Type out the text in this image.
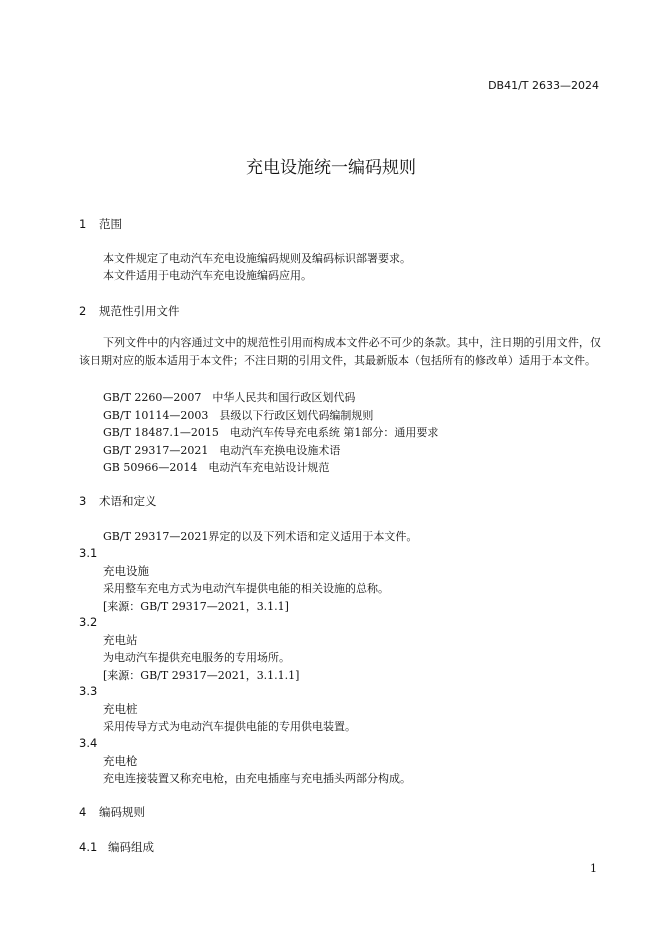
DB41/T 2633—2024
充电设施统一编码规则
1 范围
本文件规定了电动汽车充电设施编码规则及编码标识部署要求。
本文件适用于电动汽车充电设施编码应用。
2 规范性引用文件
下列文件中的内容通过文中的规范性引用而构成本文件必不可少的条款。其中，注日期的引用文件，仅该日期对应的版本适用于本文件；不注日期的引用文件，其最新版本（包括所有的修改单）适用于本文件。
GB/T 2260—2007　中华人民共和国行政区划代码
GB/T 10114—2003　县级以下行政区划代码编制规则
GB/T 18487.1—2015　电动汽车传导充电系统 第1部分：通用要求
GB/T 29317—2021　电动汽车充换电设施术语
GB 50966—2014　电动汽车充电站设计规范
3 术语和定义
GB/T 29317—2021界定的以及下列术语和定义适用于本文件。
3.1
充电设施
采用整车充电方式为电动汽车提供电能的相关设施的总称。
[来源：GB/T 29317—2021，3.1.1]
3.2
充电站
为电动汽车提供充电服务的专用场所。
[来源：GB/T 29317—2021，3.1.1.1]
3.3
充电桩
采用传导方式为电动汽车提供电能的专用供电装置。
3.4
充电枪
充电连接装置又称充电枪，由充电插座与充电插头两部分构成。
4 编码规则
4.1 编码组成
1
